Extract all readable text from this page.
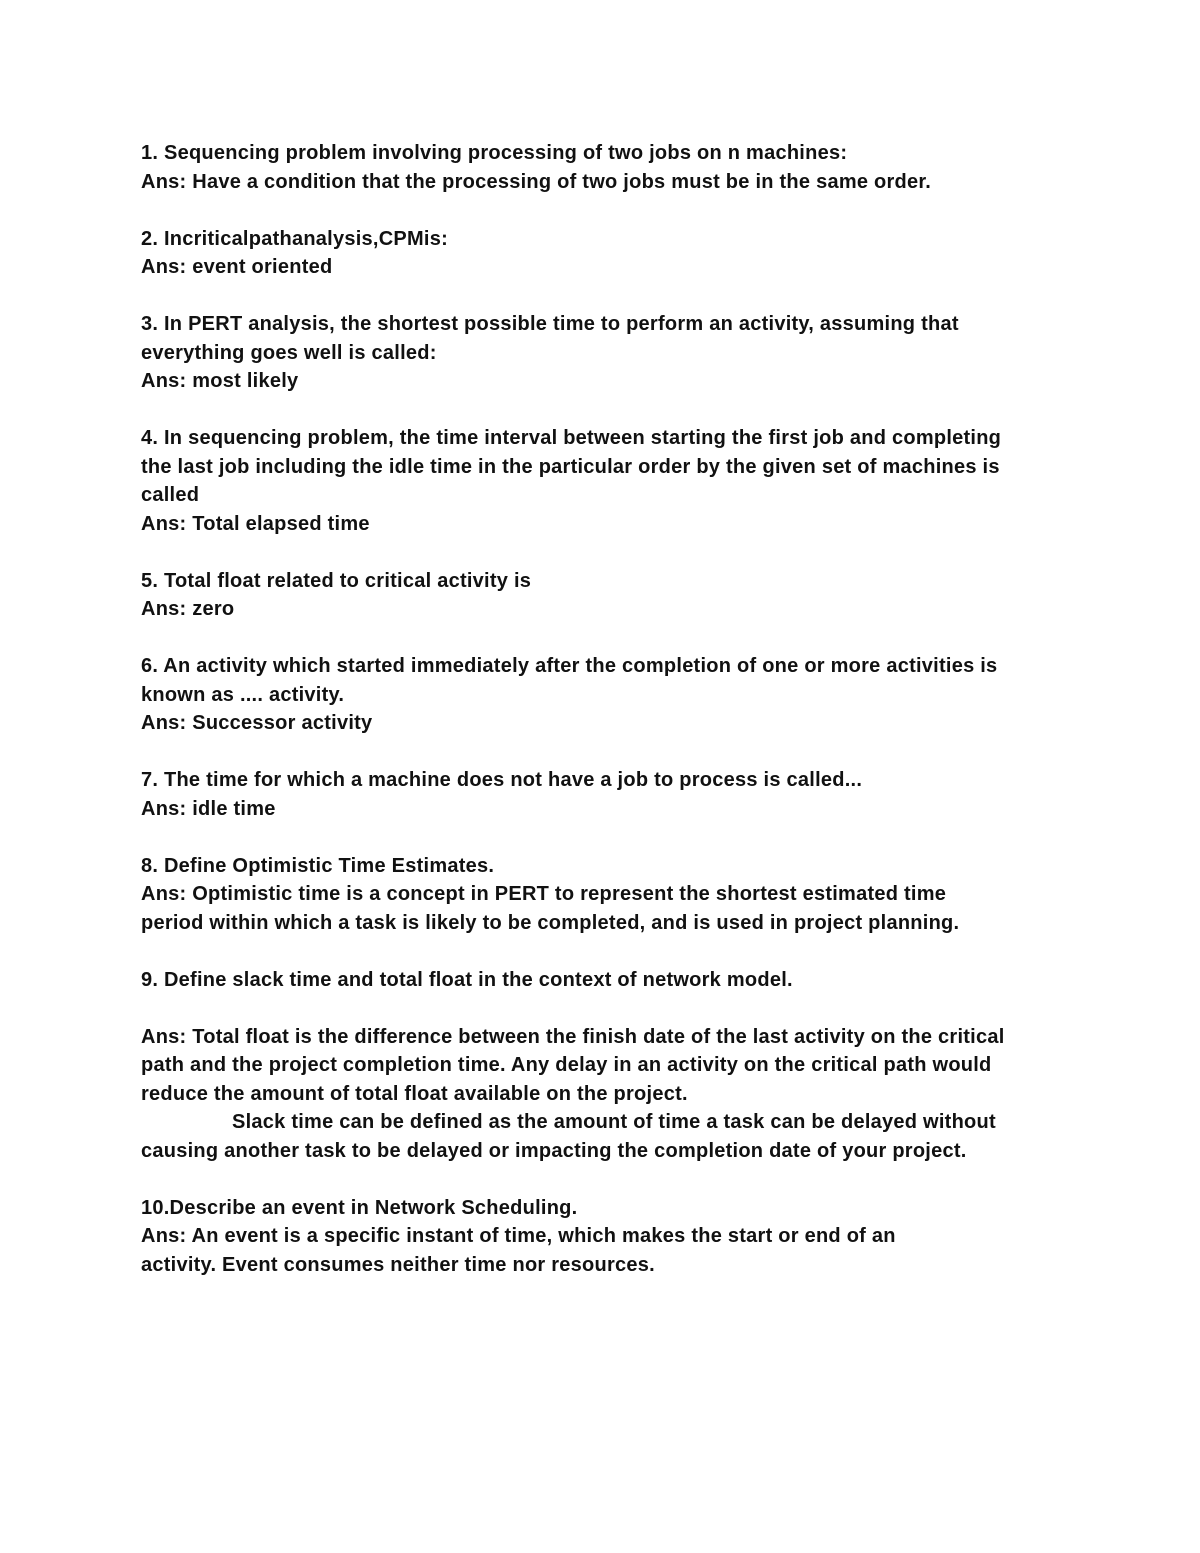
1. Sequencing problem involving processing of two jobs on n machines:
Ans: Have a condition that the processing of two jobs must be in the same order.
2. Incriticalpathanalysis,CPMis:
Ans: event oriented
3. In PERT analysis, the shortest possible time to perform an activity, assuming that
everything goes well is called:
Ans: most likely
4. In sequencing problem, the time interval between starting the first job and completing
the last job including the idle time in the particular order by the given set of machines is
called
Ans: Total elapsed time
5. Total float related to critical activity is
Ans: zero
6. An activity which started immediately after the completion of one or more activities is
known as .... activity.
Ans: Successor activity
7. The time for which a machine does not have a job to process is called...
Ans: idle time
8. Define Optimistic Time Estimates.
Ans: Optimistic time is a concept in PERT to represent the shortest estimated time
period within which a task is likely to be completed, and is used in project planning.
9. Define slack time and total float in the context of network model.
Ans: Total float is the difference between the finish date of the last activity on the critical
path and the project completion time. Any delay in an activity on the critical path would
reduce the amount of total float available on the project.
Slack time can be defined as the amount of time a task can be delayed without
causing another task to be delayed or impacting the completion date of your project.
10.Describe an event in Network Scheduling.
Ans: An event is a specific instant of time, which makes the start or end of an
activity. Event consumes neither time nor resources.
